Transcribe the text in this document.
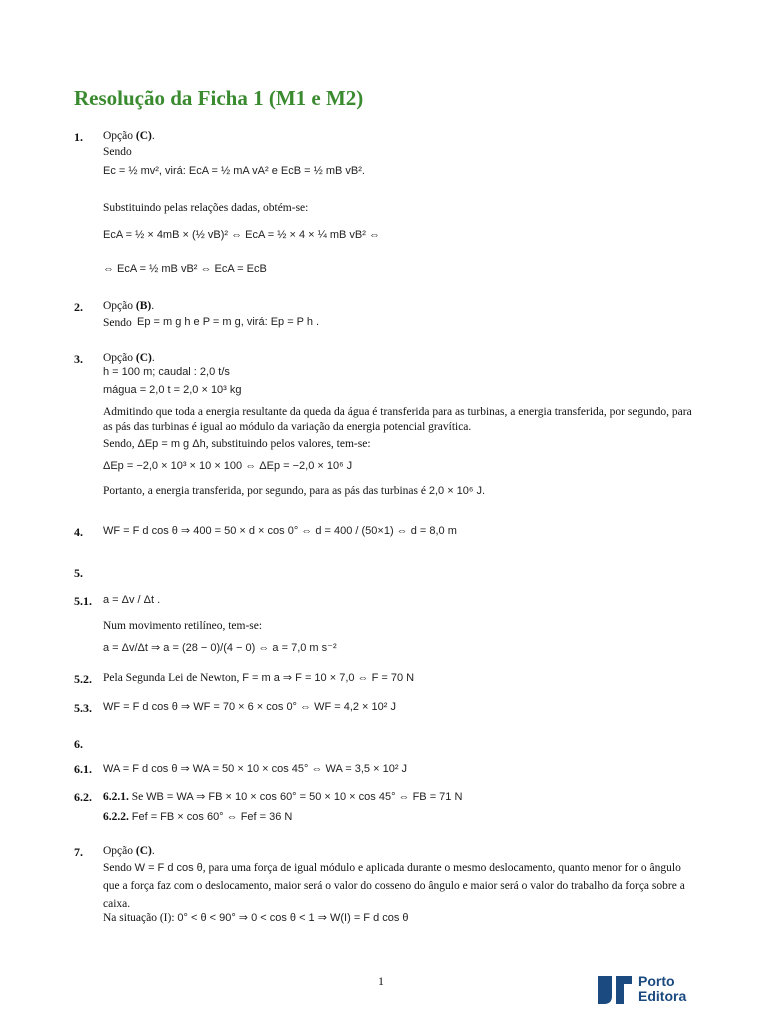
Resolução da Ficha 1 (M1 e M2)
1. Opção (C).
Sendo
Ec = ½ mv², virá: EcA = ½ mA vA² e EcB = ½ mB vB².
Substituindo pelas relações dadas, obtém-se:
EcA = ½ × 4mB × (½ vB)² ⇔ EcA = ½ × 4 × ¼ mB vB² ⇔
⇔ EcA = ½ mB vB² ⇔ EcA = EcB
2. Opção (B).
Sendo Ep = m g h e P = m g, virá: Ep = P h .
3. Opção (C).
h = 100 m; caudal : 2,0 t/s
mágua = 2,0 t = 2,0 × 10³ kg
Admitindo que toda a energia resultante da queda da água é transferida para as turbinas, a energia transferida, por segundo, para as pás das turbinas é igual ao módulo da variação da energia potencial gravítica.
Sendo, ΔEp = m g Δh, substituindo pelos valores, tem-se:
ΔEp = −2,0 × 10³ × 10 × 100 ⇔ ΔEp = −2,0 × 10⁶ J
Portanto, a energia transferida, por segundo, para as pás das turbinas é 2,0 × 10⁶ J.
4. WF = F d cos θ ⇒ 400 = 50 × d × cos 0° ⇔ d = 400 / (50×1) ⇔ d = 8,0 m
5.
5.1. a = Δv / Δt .
Num movimento retilíneo, tem-se:
a = Δv/Δt ⇒ a = (28 − 0)/(4 − 0) ⇔ a = 7,0 m s⁻²
5.2. Pela Segunda Lei de Newton, F = m a ⇒ F = 10 × 7,0 ⇔ F = 70 N
5.3. WF = F d cos θ ⇒ WF = 70 × 6 × cos 0° ⇔ WF = 4,2 × 10² J
6.
6.1. WA = F d cos θ ⇒ WA = 50 × 10 × cos 45° ⇔ WA = 3,5 × 10² J
6.2. 6.2.1. Se WB = WA ⇒ FB × 10 × cos 60° = 50 × 10 × cos 45° ⇔ FB = 71 N
6.2.2. Fef = FB × cos 60° ⇔ Fef = 36 N
7. Opção (C).
Sendo W = F d cos θ, para uma força de igual módulo e aplicada durante o mesmo deslocamento, quanto menor for o ângulo que a força faz com o deslocamento, maior será o valor do cosseno do ângulo e maior será o valor do trabalho da força sobre a caixa.
Na situação (I): 0° < θ < 90° ⇒ 0 < cos θ < 1 ⇒ W(I) = F d cos θ
1	Porto
Editora
